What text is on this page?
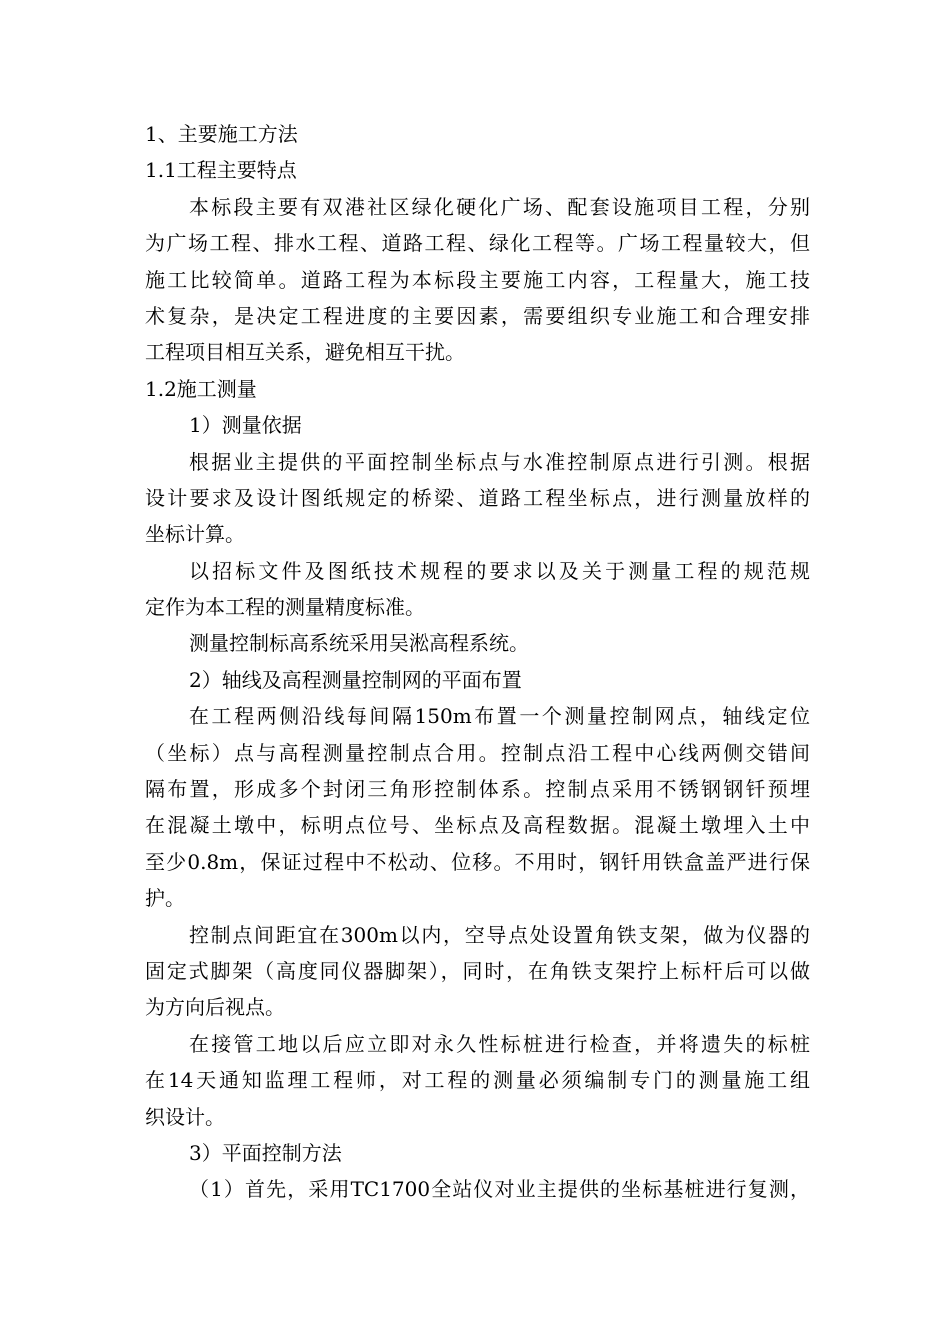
1、主要施工方法
1.1工程主要特点
本标段主要有双港社区绿化硬化广场、配套设施项目工程，分别
为广场工程、排水工程、道路工程、绿化工程等。广场工程量较大，但
施工比较简单。道路工程为本标段主要施工内容，工程量大，施工技
术复杂，是决定工程进度的主要因素，需要组织专业施工和合理安排
工程项目相互关系，避免相互干扰。
1.2施工测量
1）测量依据
根据业主提供的平面控制坐标点与水准控制原点进行引测。根据
设计要求及设计图纸规定的桥梁、道路工程坐标点，进行测量放样的
坐标计算。
以招标文件及图纸技术规程的要求以及关于测量工程的规范规
定作为本工程的测量精度标准。
测量控制标高系统采用吴淞高程系统。
2）轴线及高程测量控制网的平面布置
在工程两侧沿线每间隔150m布置一个测量控制网点，轴线定位
（坐标）点与高程测量控制点合用。控制点沿工程中心线两侧交错间
隔布置，形成多个封闭三角形控制体系。控制点采用不锈钢钢钎预埋
在混凝土墩中，标明点位号、坐标点及高程数据。混凝土墩埋入土中
至少0.8m，保证过程中不松动、位移。不用时，钢钎用铁盒盖严进行保
护。
控制点间距宜在300m以内，空导点处设置角铁支架，做为仪器的
固定式脚架（高度同仪器脚架），同时，在角铁支架拧上标杆后可以做
为方向后视点。
在接管工地以后应立即对永久性标桩进行检查，并将遗失的标桩
在14天通知监理工程师，对工程的测量必须编制专门的测量施工组
织设计。
3）平面控制方法
（1）首先，采用TC1700全站仪对业主提供的坐标基桩进行复测，
